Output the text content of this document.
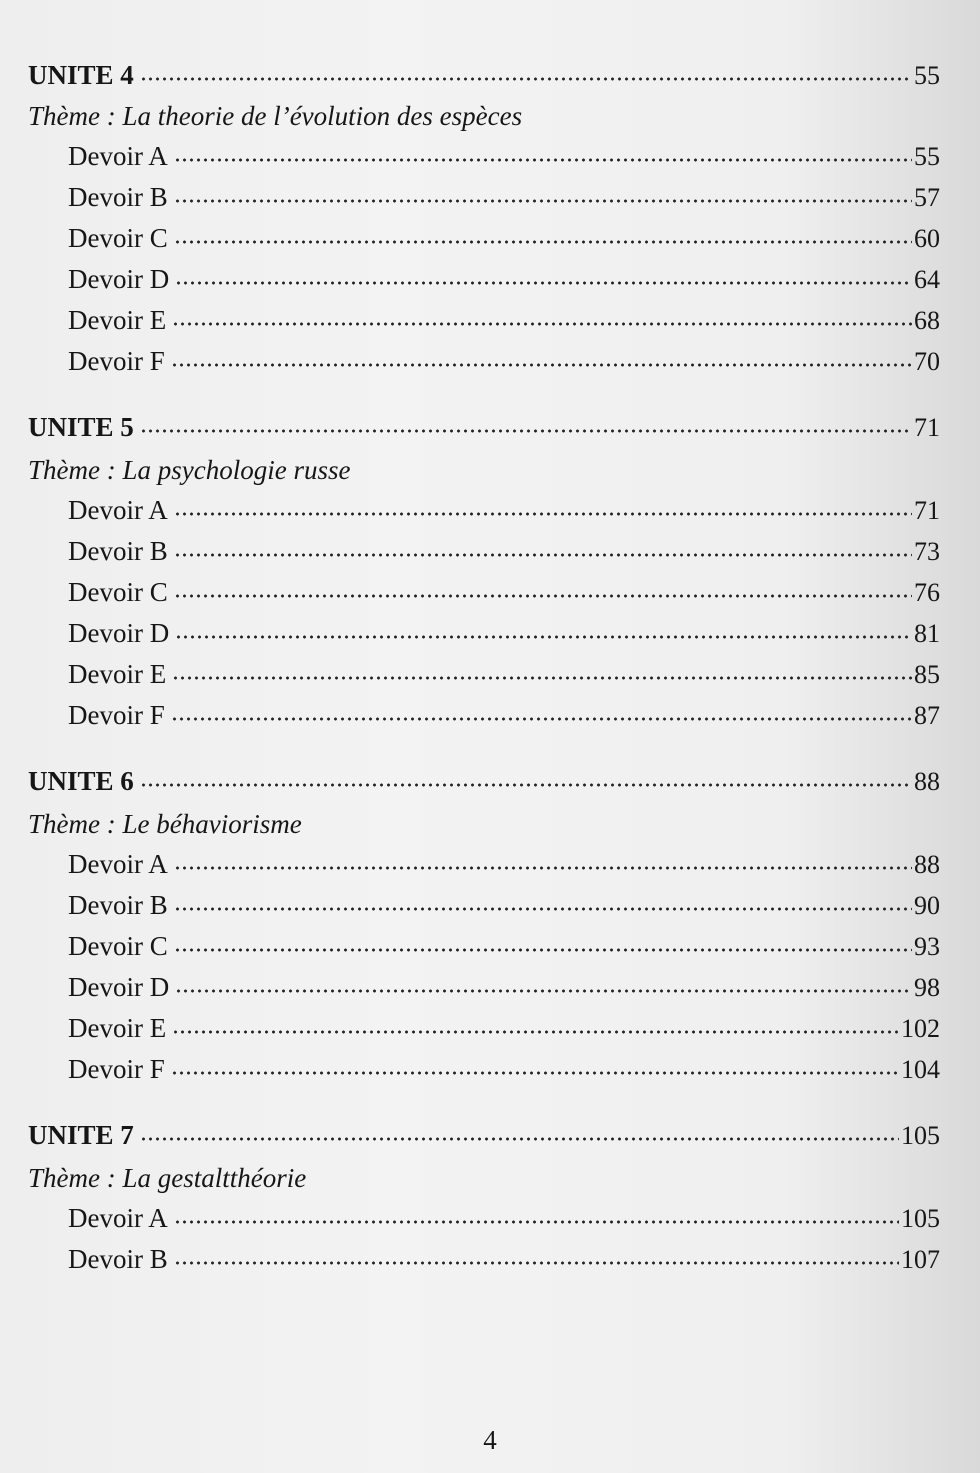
UNITE 4	55
Thème : La theorie de l’évolution des espèces
Devoir A	55
Devoir B	57
Devoir C	60
Devoir D	64
Devoir E	68
Devoir F	70
UNITE 5	71
Thème : La psychologie russe
Devoir A	71
Devoir B	73
Devoir C	76
Devoir D	81
Devoir E	85
Devoir F	87
UNITE 6	88
Thème : Le béhaviorisme
Devoir A	88
Devoir B	90
Devoir C	93
Devoir D	98
Devoir E	102
Devoir F	104
UNITE 7	105
Thème : La gestaltthéorie
Devoir A	105
Devoir B	107
4
